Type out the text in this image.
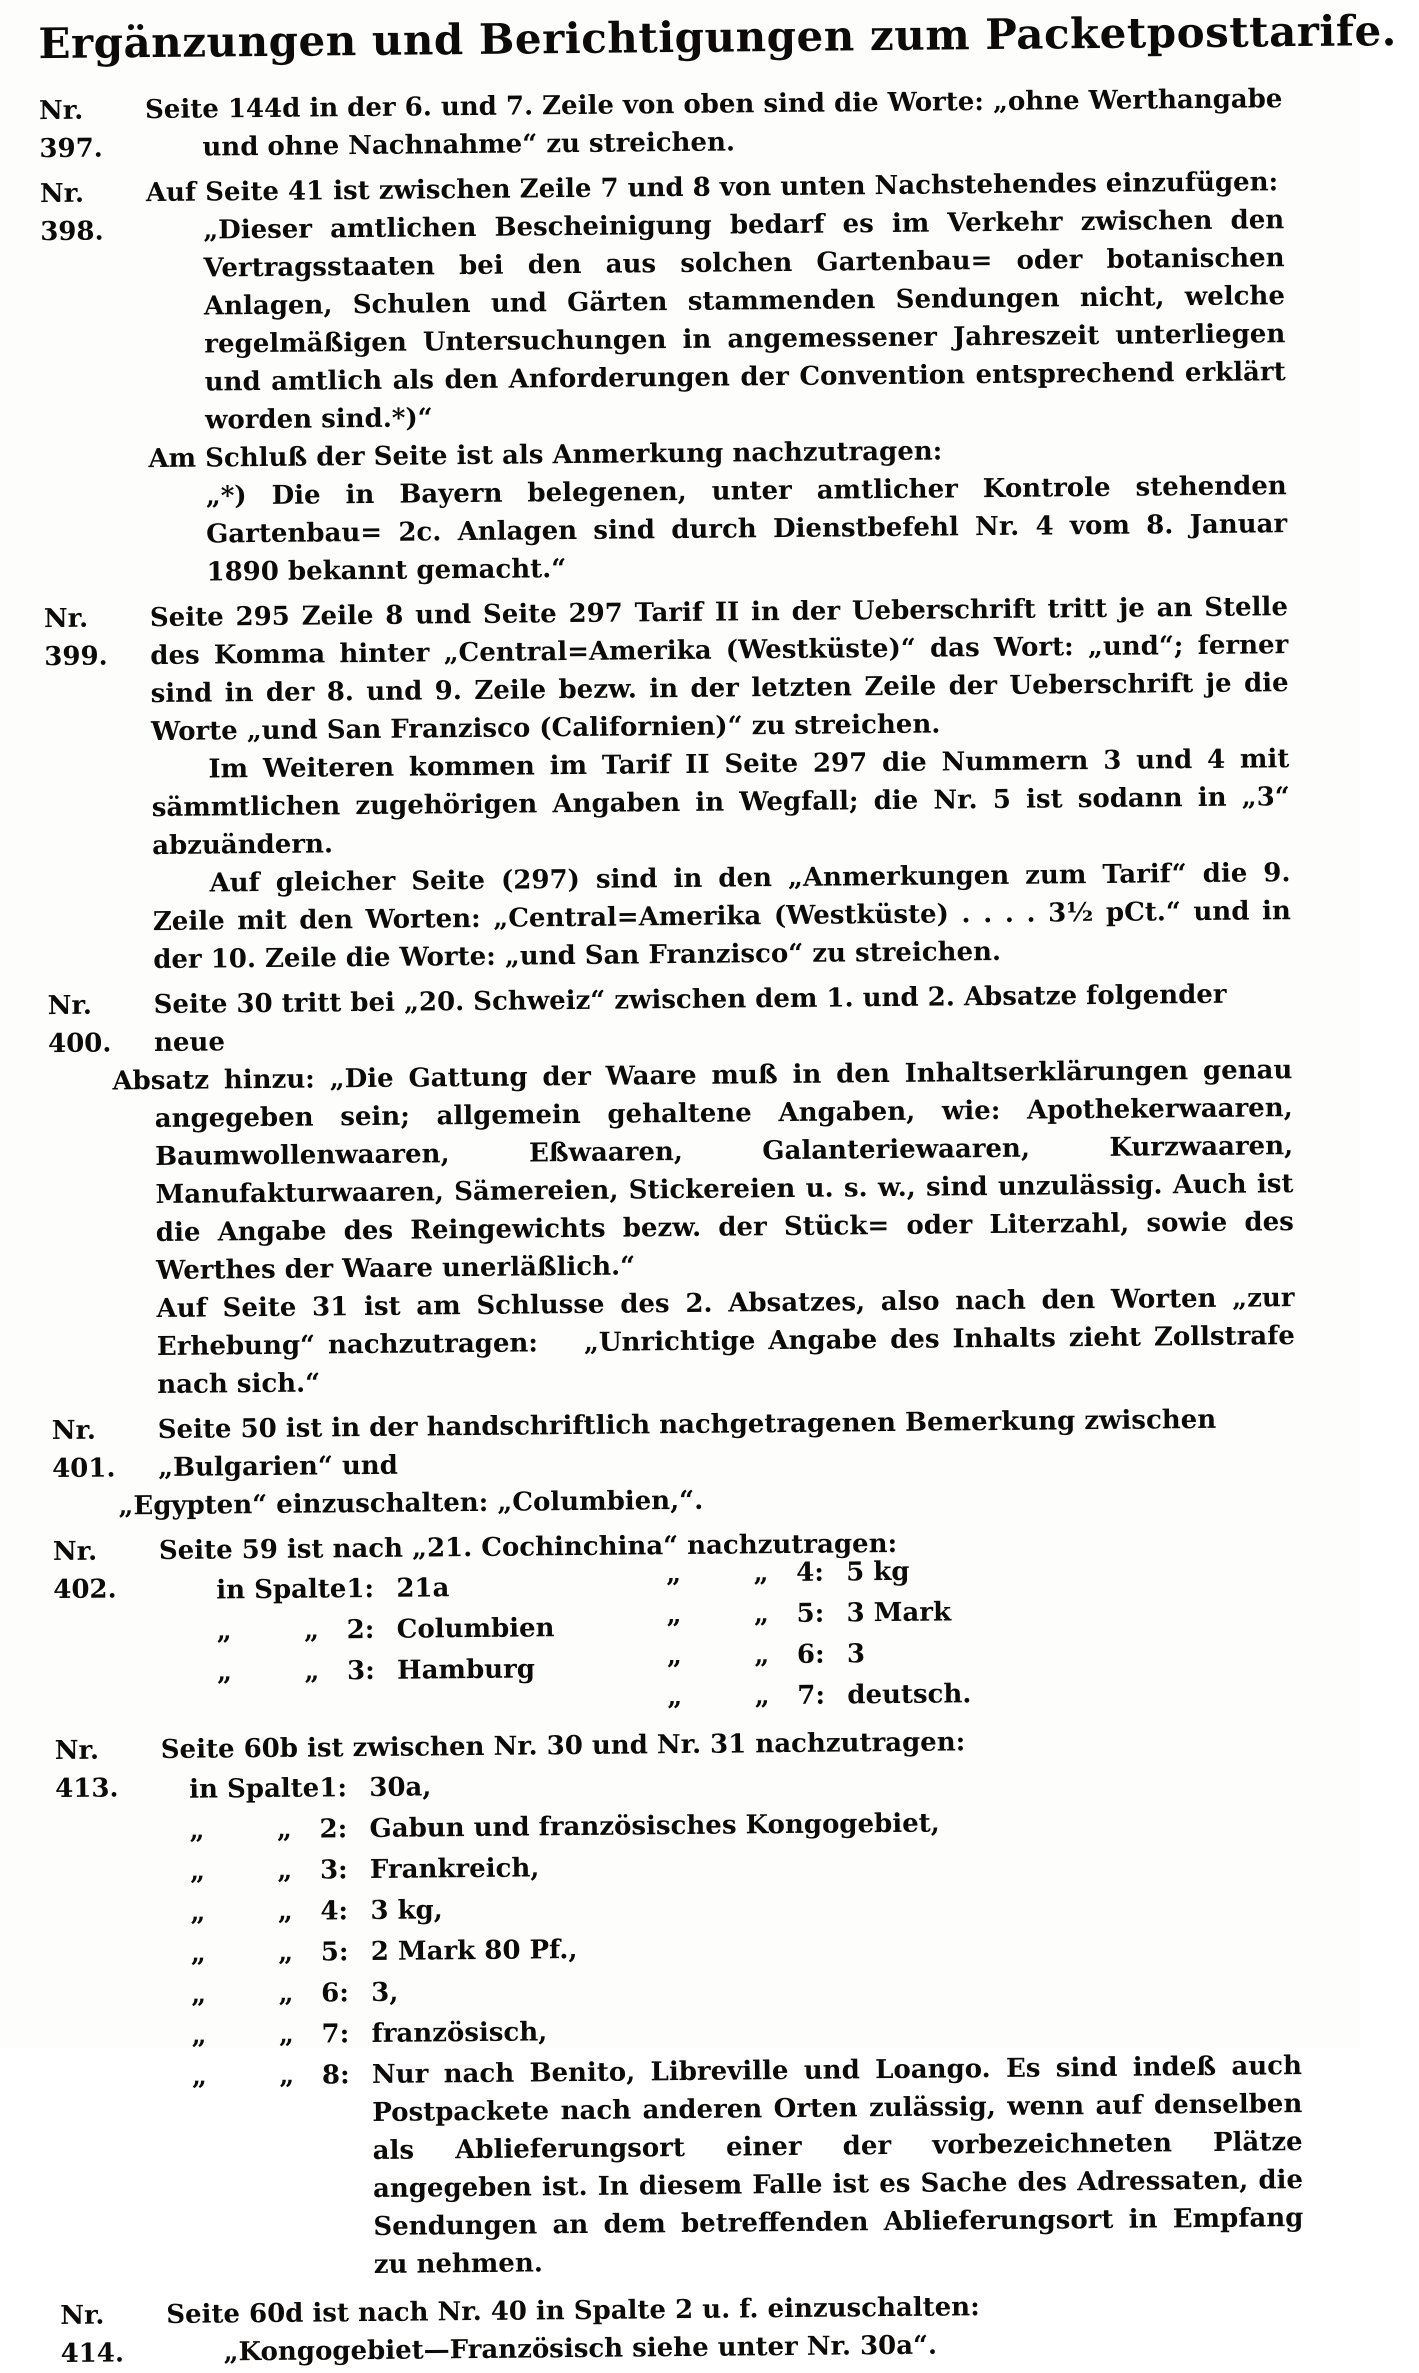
Ergänzungen und Berichtigungen zum Packetposttarife.
Nr. 397.

Seite 144d in der 6. und 7. Zeile von oben sind die Worte: „ohne Werthangabe

und ohne Nachnahme“ zu streichen.

Nr. 398.

Auf Seite 41 ist zwischen Zeile 7 und 8 von unten Nachstehendes einzufügen:

„Dieser amtlichen Bescheinigung bedarf es im Verkehr zwischen den Vertragsstaaten bei den aus solchen Gartenbau= oder botanischen Anlagen, Schulen und Gärten stammenden Sendungen nicht, welche regelmäßigen Untersuchungen in angemessener Jahreszeit unterliegen und amtlich als den Anforderungen der Convention entsprechend erklärt worden sind.*)“

Am Schluß der Seite ist als Anmerkung nachzutragen:

„*) Die in Bayern belegenen, unter amtlicher Kontrole stehenden Gartenbau= 2c. Anlagen sind durch Dienstbefehl Nr. 4 vom 8. Januar 1890 bekannt gemacht.“

Nr. 399.

Seite 295 Zeile 8 und Seite 297 Tarif II in der Ueberschrift tritt je an Stelle des Komma hinter „Central=Amerika (Westküste)“ das Wort: „und“; ferner sind in der 8. und 9. Zeile bezw. in der letzten Zeile der Ueberschrift je die Worte „und San Franzisco (Californien)“ zu streichen.

Im Weiteren kommen im Tarif II Seite 297 die Nummern 3 und 4 mit sämmtlichen zugehörigen Angaben in Wegfall; die Nr. 5 ist sodann in „3“ abzuändern.

Auf gleicher Seite (297) sind in den „Anmerkungen zum Tarif“ die 9. Zeile mit den Worten: „Central=Amerika (Westküste) . . . . 3½ pCt.“ und in der 10. Zeile die Worte: „und San Franzisco“ zu streichen.

Nr. 400.

Seite 30 tritt bei „20. Schweiz“ zwischen dem 1. und 2. Absatze folgender neue

Absatz hinzu: „Die Gattung der Waare muß in den Inhaltserklärungen genau angegeben sein; allgemein gehaltene Angaben, wie: Apothekerwaaren, Baumwollenwaaren, Eßwaaren, Galanteriewaaren, Kurzwaaren, Manufakturwaaren, Sämereien, Stickereien u. s. w., sind unzulässig. Auch ist die Angabe des Reingewichts bezw. der Stück= oder Literzahl, sowie des Werthes der Waare unerläßlich.“

Auf Seite 31 ist am Schlusse des 2. Absatzes, also nach den Worten „zur Erhebung“ nachzutragen: „Unrichtige Angabe des Inhalts zieht Zollstrafe nach sich.“

Nr. 401.

Seite 50 ist in der handschriftlich nachgetragenen Bemerkung zwischen „Bulgarien“ und

„Egypten“ einzuschalten: „Columbien,“.

Nr. 402.

Seite 59 ist nach „21. Cochinchina“ nachzutragen:

in Spalte 1: 21a
„        „	2: Columbien
„        „	3: Hamburg
„        „	4: 5 kg
„        „	5: 3 Mark
„        „	6: 3
„        „	7: deutsch.
Nr. 413.

Seite 60b ist zwischen Nr. 30 und Nr. 31 nachzutragen:

in Spalte 1: 30a,
„        „	2: Gabun und französisches Kongogebiet,
„        „	3: Frankreich,
„        „	4: 3 kg,
„        „	5: 2 Mark 80 Pf.,
„        „	6: 3,
„        „	7: französisch,
„        „	8: Nur nach Benito, Libreville und Loango. Es sind indeß auch Postpackete nach anderen Orten zulässig, wenn auf denselben als Ablieferungsort einer der vorbezeichneten Plätze angegeben ist. In diesem Falle ist es Sache des Adressaten, die Sendungen an dem betreffenden Ablieferungsort in Empfang zu nehmen.
Nr. 414.

Seite 60d ist nach Nr. 40 in Spalte 2 u. f. einzuschalten:

„Kongogebiet—Französisch siehe unter Nr. 30a“.
